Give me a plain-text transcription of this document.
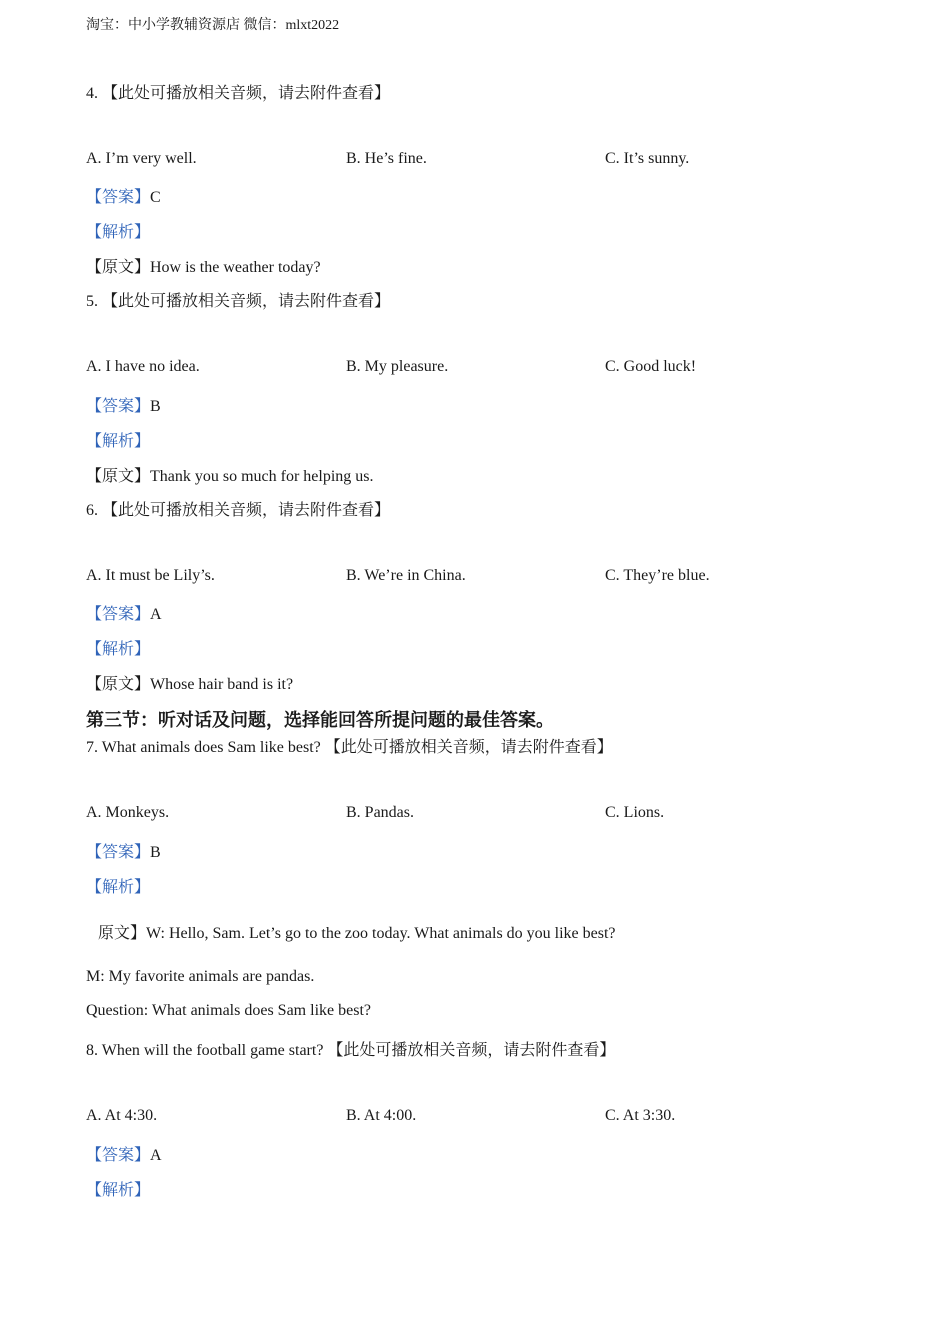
淘宝：中小学教辅资源店 微信：mlxt2022
4. 【此处可播放相关音频，请去附件查看】
A. I’m very well.	B. He’s fine.	C. It’s sunny.
【答案】C
【解析】
【原文】How is the weather today?
5. 【此处可播放相关音频，请去附件查看】
A. I have no idea.	B. My pleasure.	C. Good luck!
【答案】B
【解析】
【原文】Thank you so much for helping us.
6. 【此处可播放相关音频，请去附件查看】
A. It must be Lily’s.	B. We’re in China.	C. They’re blue.
【答案】A
【解析】
【原文】Whose hair band is it?
第三节：听对话及问题，选择能回答所提问题的最佳答案。
7. What animals does Sam like best? 【此处可播放相关音频，请去附件查看】
A. Monkeys.	B. Pandas.	C. Lions.
【答案】B
【解析】
原文】W: Hello, Sam. Let’s go to the zoo today. What animals do you like best?
M: My favorite animals are pandas.
Question: What animals does Sam like best?
8. When will the football game start? 【此处可播放相关音频，请去附件查看】
A. At 4:30.	B. At 4:00.	C. At 3:30.
【答案】A
【解析】
